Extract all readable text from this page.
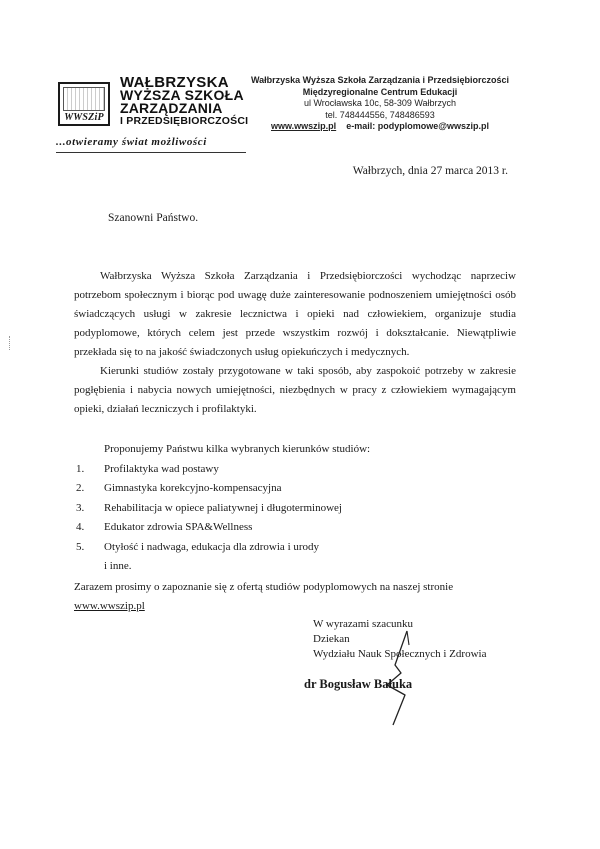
WWSZiP
WAŁBRZYSKA
WYŻSZA SZKOŁA
ZARZĄDZANIA
I PRZEDSIĘBIORCZOŚCI
...otwieramy świat możliwości
Wałbrzyska Wyższa Szkoła Zarządzania i Przedsiębiorczości
Międzyregionalne Centrum Edukacji
ul Wrocławska 10c, 58-309 Wałbrzych
tel. 748444556, 748486593
www.wwszip.pl e-mail: podyplomowe@wwszip.pl
Wałbrzych, dnia 27 marca 2013 r.
Szanowni Państwo.

Wałbrzyska Wyższa Szkoła Zarządzania i Przedsiębiorczości wychodząc naprzeciw potrzebom społecznym i biorąc pod uwagę duże zainteresowanie podnoszeniem umiejętności osób świadczących usługi w zakresie lecznictwa i opieki nad człowiekiem, organizuje studia podyplomowe, których celem jest przede wszystkim rozwój i dokształcanie. Niewątpliwie przekłada się to na jakość świadczonych usług opiekuńczych i medycznych.

Kierunki studiów zostały przygotowane w taki sposób, aby zaspokoić potrzeby w zakresie pogłębienia i nabycia nowych umiejętności, niezbędnych w pracy z człowiekiem wymagającym opieki, działań leczniczych i profilaktyki.

Proponujemy Państwu kilka wybranych kierunków studiów:
1. Profilaktyka wad postawy
2. Gimnastyka korekcyjno-kompensacyjna
3. Rehabilitacja w opiece paliatywnej i długoterminowej
4. Edukator zdrowia SPA&Wellness
5. Otyłość i nadwaga, edukacja dla zdrowia i urody
i inne.
Zarazem prosimy o zapoznanie się z ofertą studiów podyplomowych na naszej stronie
www.wwszip.pl
W wyrazami szacunku
Dziekan
Wydziału Nauk Społecznych i Zdrowia
dr Bogusław Bałuka
